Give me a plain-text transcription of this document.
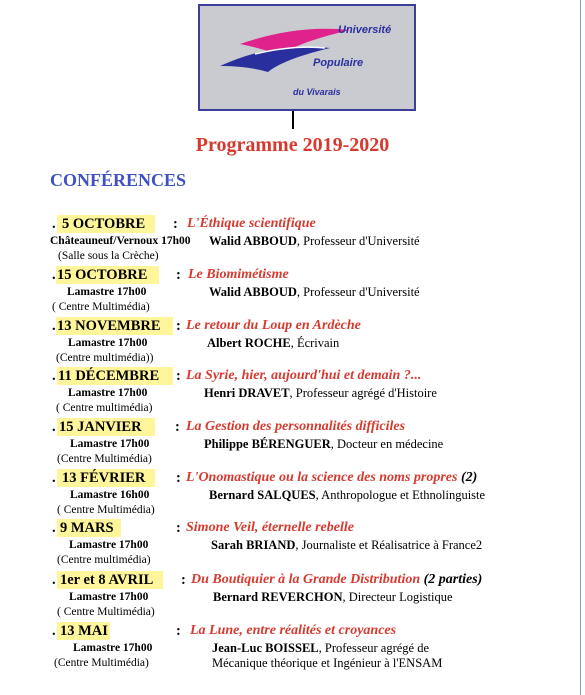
Université
Populaire
du Vivarais
Programme 2019-2020
CONFÉRENCES
. 5 OCTOBRE : L'Éthique scientifique
Châteauneuf/Vernoux 17h00
(Salle sous la Crèche)
Walid ABBOUD, Professeur d'Université
. 15 OCTOBRE : Le Biomimétisme
Lamastre 17h00
( Centre Multimédia)
Walid ABBOUD, Professeur d'Université
. 13 NOVEMBRE : Le retour du Loup en Ardèche
Lamastre 17h00
(Centre multimédia))
Albert ROCHE, Écrivain
. 11 DÉCEMBRE : La Syrie, hier, aujourd'hui et demain ?...
Lamastre 17h00
( Centre multimédia)
Henri DRAVET, Professeur agrégé d'Histoire
. 15 JANVIER : La Gestion des personnalités difficiles
Lamastre 17h00
(Centre Multimédia)
Philippe BÉRENGUER, Docteur en médecine
. 13 FÉVRIER : L'Onomastique ou la science des noms propres (2)
Lamastre 16h00
( Centre Multimédia)
Bernard SALQUES, Anthropologue et Ethnolinguiste
. 9 MARS	: Simone Veil, éternelle rebelle
Lamastre 17h00
(Centre multimédia)
Sarah BRIAND, Journaliste et Réalisatrice à France2
. 1er et 8 AVRIL : Du Boutiquier à la Grande Distribution (2 parties)
Lamastre 17h00
( Centre Multimédia)
Bernard REVERCHON, Directeur Logistique
. 13 MAI	: La Lune, entre réalités et croyances
Lamastre 17h00
(Centre Multimédia)
Jean-Luc BOISSEL, Professeur agrégé de
Mécanique théorique et Ingénieur à l'ENSAM
